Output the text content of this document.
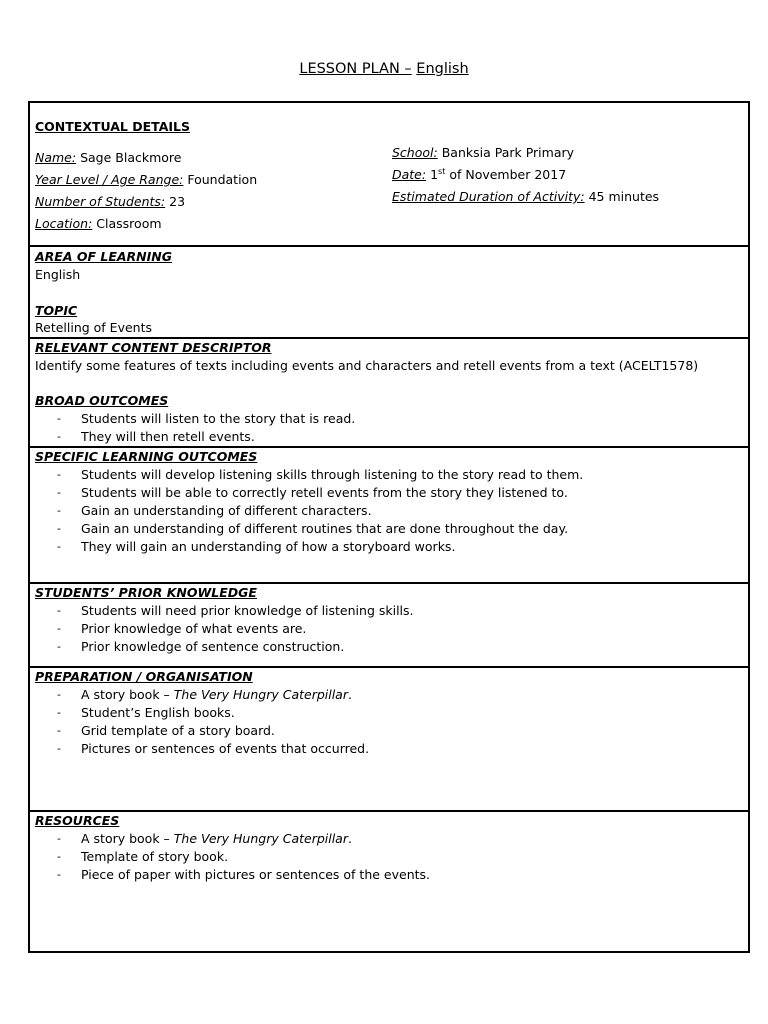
LESSON PLAN – English
CONTEXTUAL DETAILS
Name: Sage Blackmore
Year Level / Age Range: Foundation
Number of Students: 23
Location: Classroom
School: Banksia Park Primary
Date: 1st of November 2017
Estimated Duration of Activity: 45 minutes
AREA OF LEARNING
English
TOPIC
Retelling of Events
RELEVANT CONTENT DESCRIPTOR
Identify some features of texts including events and characters and retell events from a text (ACELT1578)
BROAD OUTCOMES
- Students will listen to the story that is read.
- They will then retell events.
SPECIFIC LEARNING OUTCOMES
- Students will develop listening skills through listening to the story read to them.
- Students will be able to correctly retell events from the story they listened to.
- Gain an understanding of different characters.
- Gain an understanding of different routines that are done throughout the day.
- They will gain an understanding of how a storyboard works.
STUDENTS’ PRIOR KNOWLEDGE
- Students will need prior knowledge of listening skills.
- Prior knowledge of what events are.
- Prior knowledge of sentence construction.
PREPARATION / ORGANISATION
- A story book – The Very Hungry Caterpillar.
- Student’s English books.
- Grid template of a story board.
- Pictures or sentences of events that occurred.
RESOURCES
- A story book – The Very Hungry Caterpillar.
- Template of story book.
- Piece of paper with pictures or sentences of the events.
